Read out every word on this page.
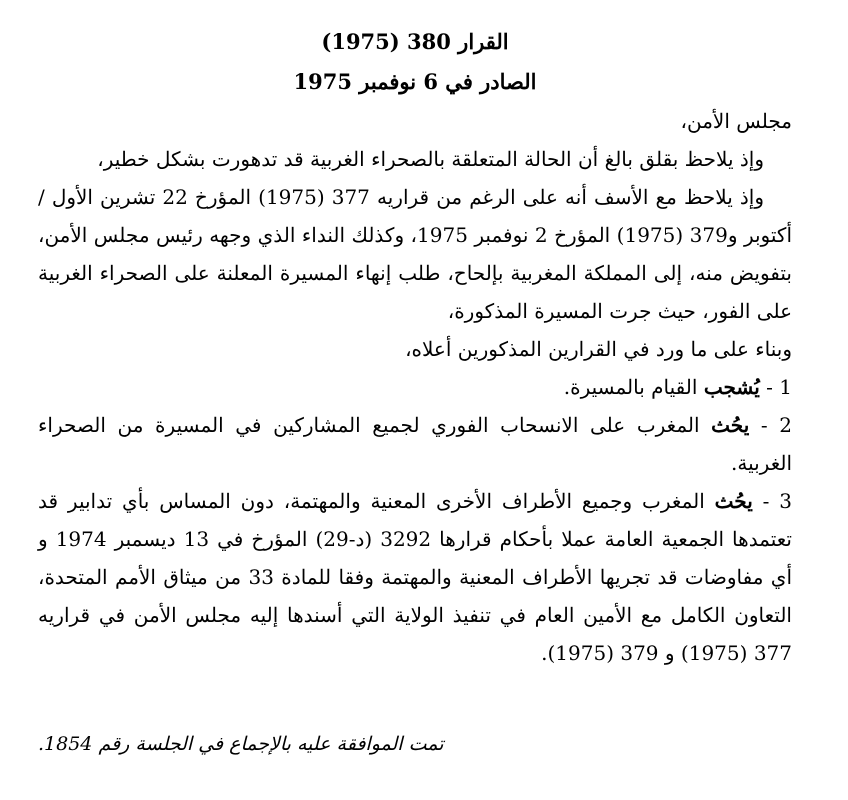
القرار 380 (1975)
الصادر في 6 نوفمبر 1975

مجلس الأمن،

وإذ يلاحظ بقلق بالغ أن الحالة المتعلقة بالصحراء الغربية قد تدهورت بشكل خطير،

وإذ يلاحظ مع الأسف أنه على الرغم من قراريه 377 (1975) المؤرخ 22 تشرين الأول / أكتوبر و379 (1975) المؤرخ 2 نوفمبر 1975، وكذلك النداء الذي وجهه رئيس مجلس الأمن، بتفويض منه، إلى المملكة المغربية بإلحاح، طلب إنهاء المسيرة المعلنة على الصحراء الغربية على الفور، حيث جرت المسيرة المذكورة،

وبناء على ما ورد في القرارين المذكورين أعلاه،

1 - يُشجب القيام بالمسيرة.

2 - يحُث المغرب على الانسحاب الفوري لجميع المشاركين في المسيرة من الصحراء الغربية.

3 - يحُث المغرب وجميع الأطراف الأخرى المعنية والمهتمة، دون المساس بأي تدابير قد تعتمدها الجمعية العامة عملا بأحكام قرارها 3292 (د-29) المؤرخ في 13 ديسمبر 1974 و أي مفاوضات قد تجريها الأطراف المعنية والمهتمة وفقا للمادة 33 من ميثاق الأمم المتحدة، التعاون الكامل مع الأمين العام في تنفيذ الولاية التي أسندها إليه مجلس الأمن في قراريه 377 (1975) و 379 (1975).

تمت الموافقة عليه بالإجماع في الجلسة رقم 1854.
